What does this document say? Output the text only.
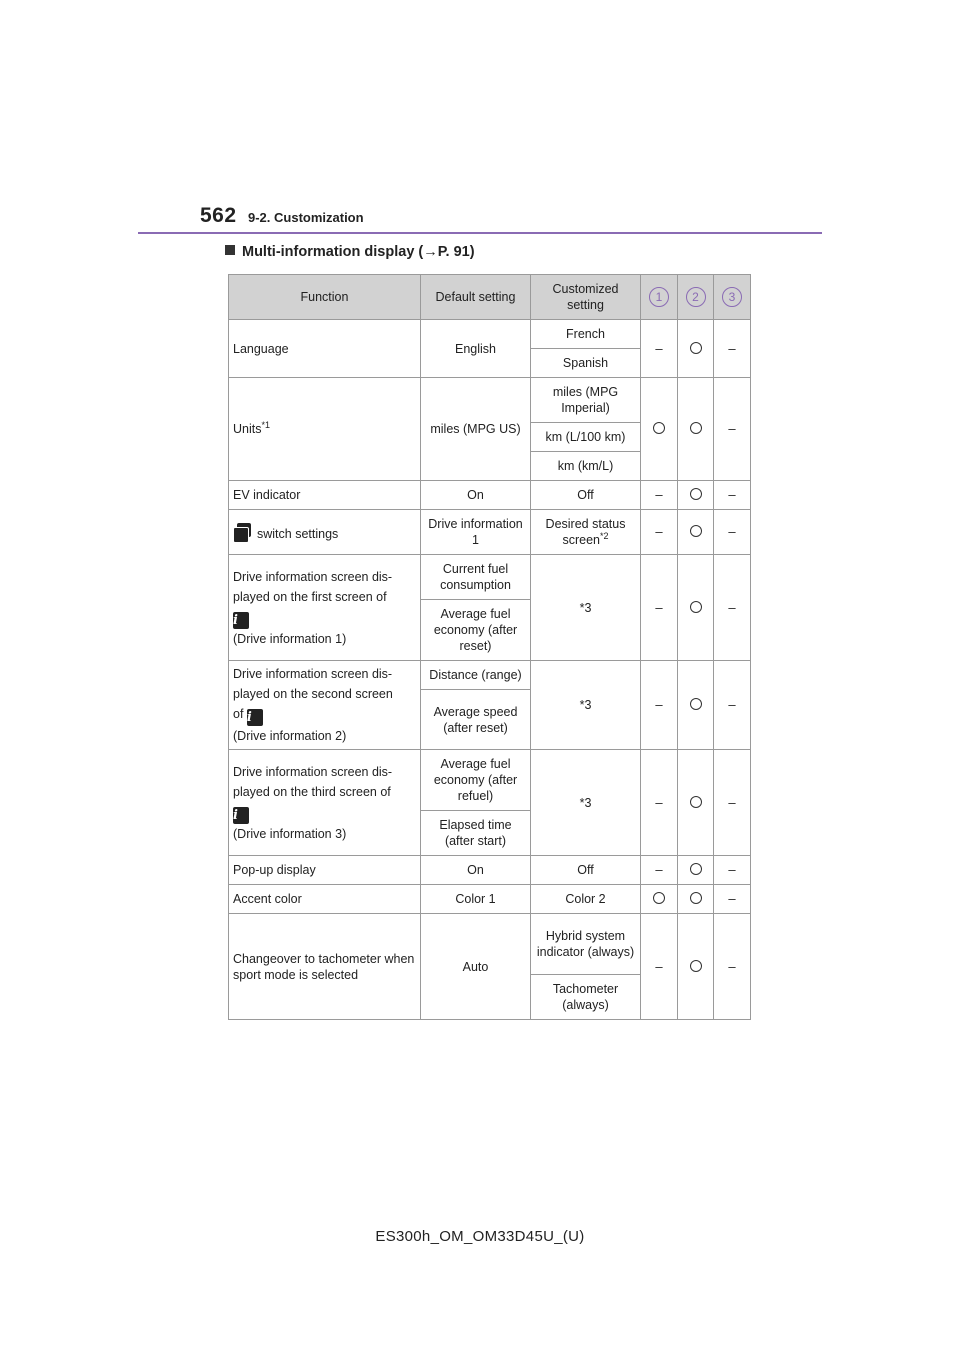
562 9-2. Customization
Multi-information display (→P. 91)
Function	Default setting	Customized setting	1	2	3
Language	English	French	–		–
		Spanish			
Units$^{*1}$	miles (MPG US)	miles (MPG Imperial)			–
		km (L/100 km)			
		km (km/L)			
EV indicator	On	Off	–		–
switch settings	Drive information 1	Desired status screen$^{*2}$	–		–

Drive information screen dis-
played on the first screen of
i
(Drive information 1)	Current fuel consumption	*3	–		–
	Average fuel economy (after reset)				

Drive information screen dis-
played on the second screen
of i
(Drive information 2)	Distance (range)	*3	–		–
	Average speed (after reset)				

Drive information screen dis-
played on the third screen of
i
(Drive information 3)	Average fuel economy (after refuel)	*3	–		–
	Elapsed time (after start)				
Pop-up display	On	Off	–		–
Accent color	Color 1	Color 2			–
Changeover to tachometer when sport mode is selected	Auto	Hybrid system indicator (always)	–		–
		Tachometer (always)			
ES300h_OM_OM33D45U_(U)
